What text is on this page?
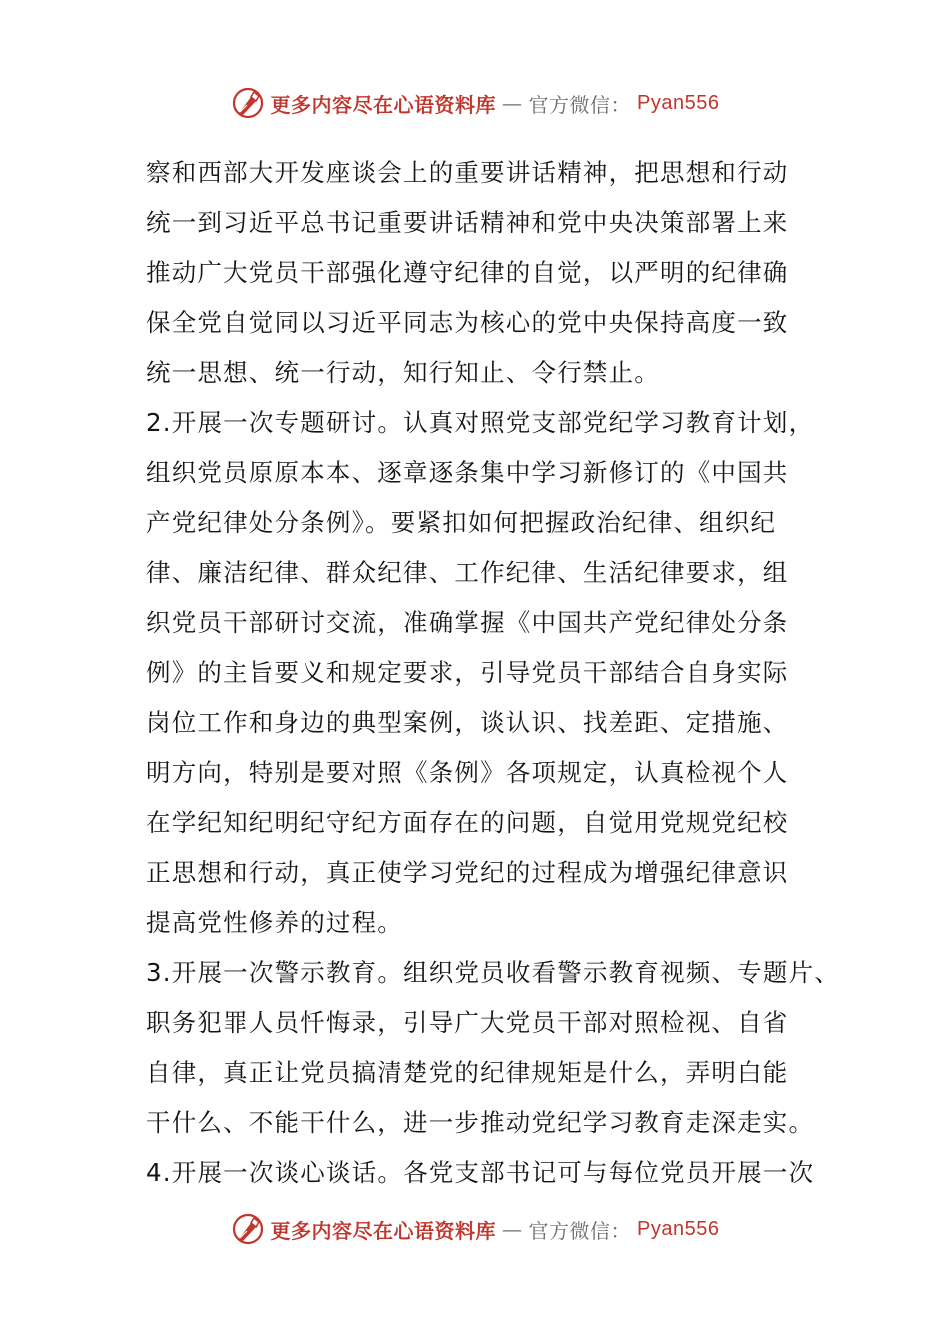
更多内容尽在心语资料库 — 官方微信： Pyan556
察和西部大开发座谈会上的重要讲话精神，把思想和行动
统一到习近平总书记重要讲话精神和党中央决策部署上来
推动广大党员干部强化遵守纪律的自觉，以严明的纪律确
保全党自觉同以习近平同志为核心的党中央保持高度一致
统一思想、统一行动，知行知止、令行禁止。
2.开展一次专题研讨。认真对照党支部党纪学习教育计划，
组织党员原原本本、逐章逐条集中学习新修订的《中国共
产党纪律处分条例》。要紧扣如何把握政治纪律、组织纪
律、廉洁纪律、群众纪律、工作纪律、生活纪律要求，组
织党员干部研讨交流，准确掌握《中国共产党纪律处分条
例》的主旨要义和规定要求，引导党员干部结合自身实际
岗位工作和身边的典型案例，谈认识、找差距、定措施、
明方向，特别是要对照《条例》各项规定，认真检视个人
在学纪知纪明纪守纪方面存在的问题，自觉用党规党纪校
正思想和行动，真正使学习党纪的过程成为增强纪律意识
提高党性修养的过程。
3.开展一次警示教育。组织党员收看警示教育视频、专题片、
职务犯罪人员忏悔录，引导广大党员干部对照检视、自省
自律，真正让党员搞清楚党的纪律规矩是什么，弄明白能
干什么、不能干什么，进一步推动党纪学习教育走深走实。
4.开展一次谈心谈话。各党支部书记可与每位党员开展一次
更多内容尽在心语资料库 — 官方微信： Pyan556
